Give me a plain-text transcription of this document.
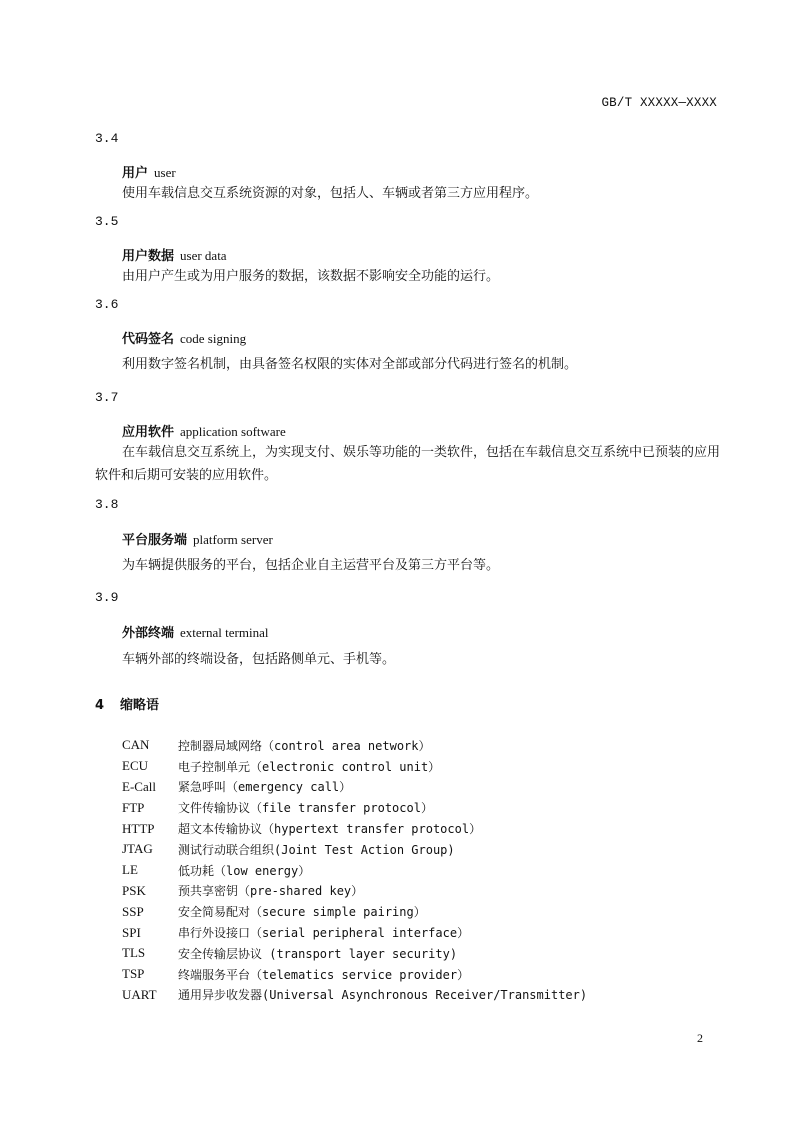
GB/T XXXXX—XXXX
3.4
用户 user
使用车载信息交互系统资源的对象，包括人、车辆或者第三方应用程序。
3.5
用户数据 user data
由用户产生或为用户服务的数据，该数据不影响安全功能的运行。
3.6
代码签名 code signing
利用数字签名机制，由具备签名权限的实体对全部或部分代码进行签名的机制。
3.7
应用软件 application software
在车载信息交互系统上，为实现支付、娱乐等功能的一类软件，包括在车载信息交互系统中已预装的应用软件和后期可安装的应用软件。
3.8
平台服务端 platform server
为车辆提供服务的平台，包括企业自主运营平台及第三方平台等。
3.9
外部终端 external terminal
车辆外部的终端设备，包括路侧单元、手机等。
4 缩略语
CAN	控制器局域网络（control area network）
ECU	电子控制单元（electronic control unit）
E-Call	紧急呼叫（emergency call）
FTP	文件传输协议（file transfer protocol）
HTTP	超文本传输协议（hypertext transfer protocol）
JTAG	测试行动联合组织(Joint Test Action Group)
LE	低功耗（low energy）
PSK	预共享密钥（pre-shared key）
SSP	安全简易配对（secure simple pairing）
SPI	串行外设接口（serial peripheral interface）
TLS	安全传输层协议 (transport layer security)
TSP	终端服务平台（telematics service provider）
UART	通用异步收发器(Universal Asynchronous Receiver/Transmitter)
2
